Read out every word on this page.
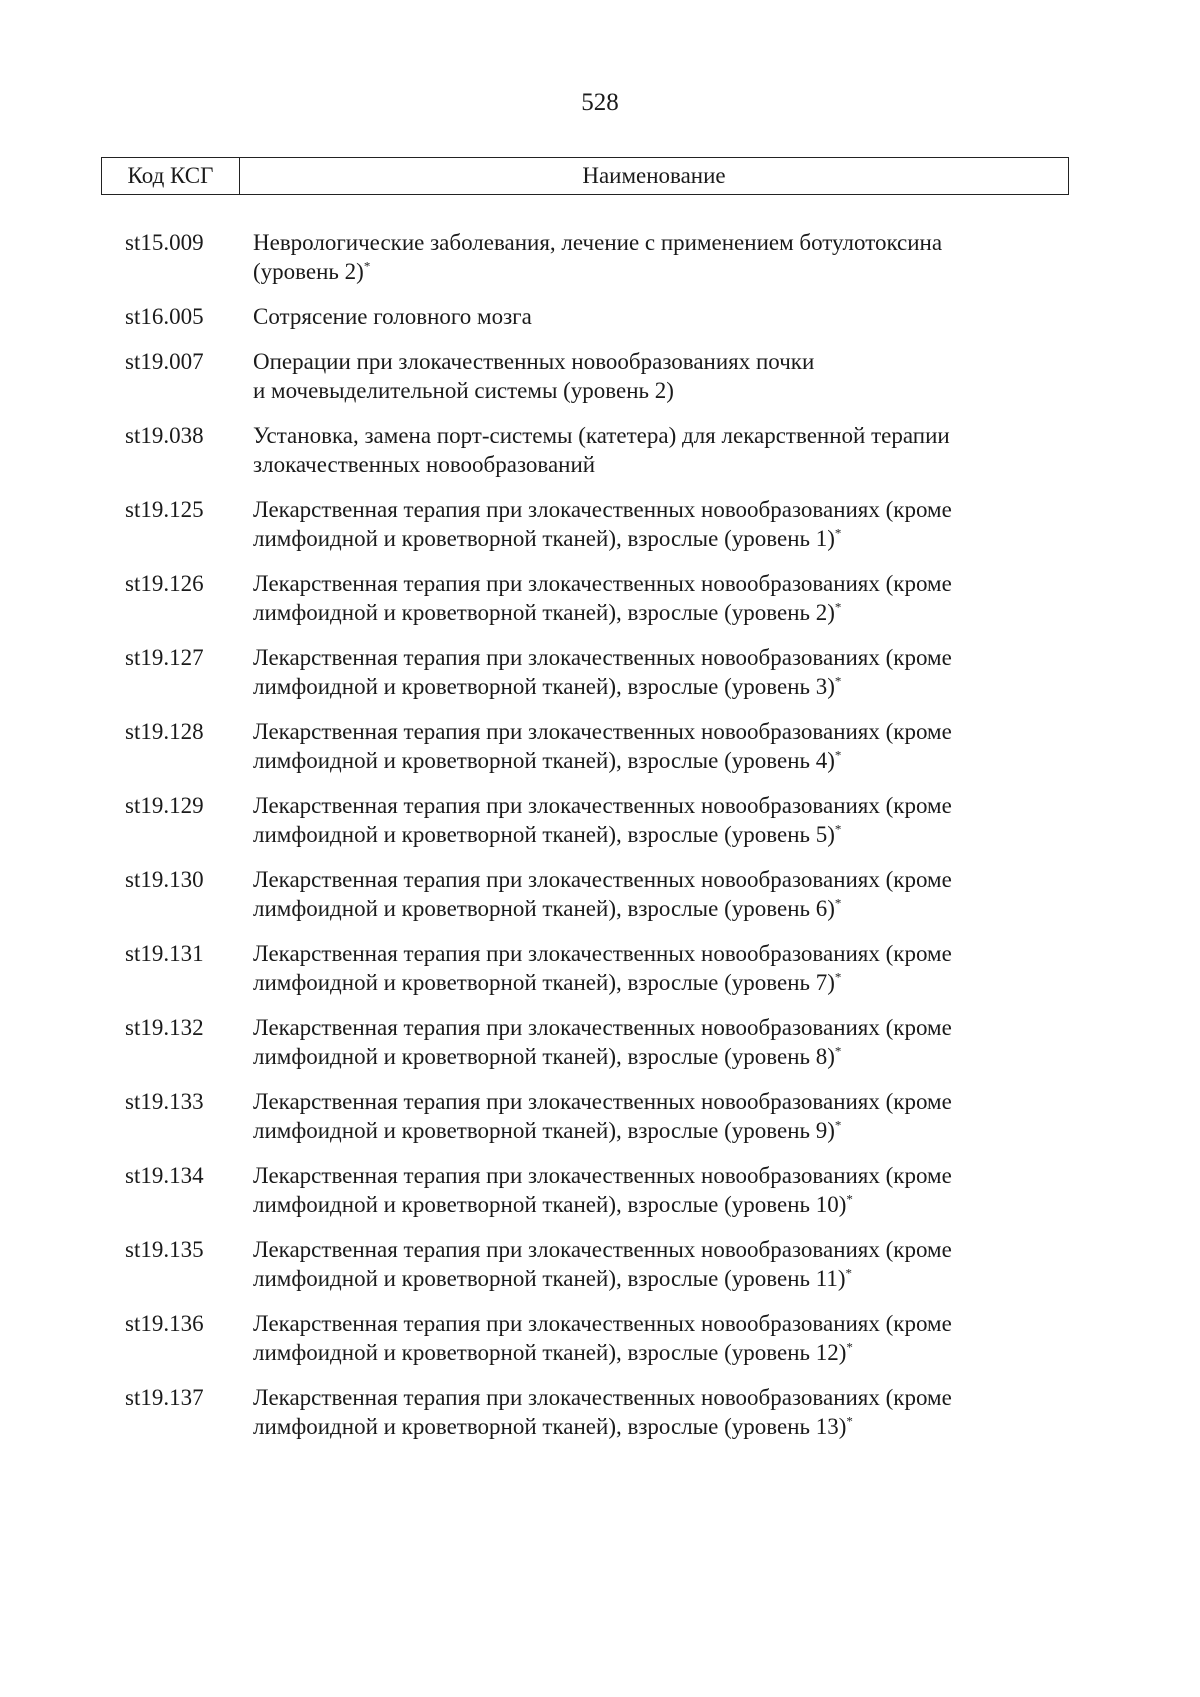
528
Код КСГ	Наименование
st15.009	Неврологические заболевания, лечение с применением ботулотоксина
(уровень 2)*
st16.005	Сотрясение головного мозга
st19.007	Операции при злокачественных новообразованиях почки
и мочевыделительной системы (уровень 2)
st19.038	Установка, замена порт-системы (катетера) для лекарственной терапии
злокачественных новообразований
st19.125	Лекарственная терапия при злокачественных новообразованиях (кроме
лимфоидной и кроветворной тканей), взрослые (уровень 1)*
st19.126	Лекарственная терапия при злокачественных новообразованиях (кроме
лимфоидной и кроветворной тканей), взрослые (уровень 2)*
st19.127	Лекарственная терапия при злокачественных новообразованиях (кроме
лимфоидной и кроветворной тканей), взрослые (уровень 3)*
st19.128	Лекарственная терапия при злокачественных новообразованиях (кроме
лимфоидной и кроветворной тканей), взрослые (уровень 4)*
st19.129	Лекарственная терапия при злокачественных новообразованиях (кроме
лимфоидной и кроветворной тканей), взрослые (уровень 5)*
st19.130	Лекарственная терапия при злокачественных новообразованиях (кроме
лимфоидной и кроветворной тканей), взрослые (уровень 6)*
st19.131	Лекарственная терапия при злокачественных новообразованиях (кроме
лимфоидной и кроветворной тканей), взрослые (уровень 7)*
st19.132	Лекарственная терапия при злокачественных новообразованиях (кроме
лимфоидной и кроветворной тканей), взрослые (уровень 8)*
st19.133	Лекарственная терапия при злокачественных новообразованиях (кроме
лимфоидной и кроветворной тканей), взрослые (уровень 9)*
st19.134	Лекарственная терапия при злокачественных новообразованиях (кроме
лимфоидной и кроветворной тканей), взрослые (уровень 10)*
st19.135	Лекарственная терапия при злокачественных новообразованиях (кроме
лимфоидной и кроветворной тканей), взрослые (уровень 11)*
st19.136	Лекарственная терапия при злокачественных новообразованиях (кроме
лимфоидной и кроветворной тканей), взрослые (уровень 12)*
st19.137	Лекарственная терапия при злокачественных новообразованиях (кроме
лимфоидной и кроветворной тканей), взрослые (уровень 13)*
